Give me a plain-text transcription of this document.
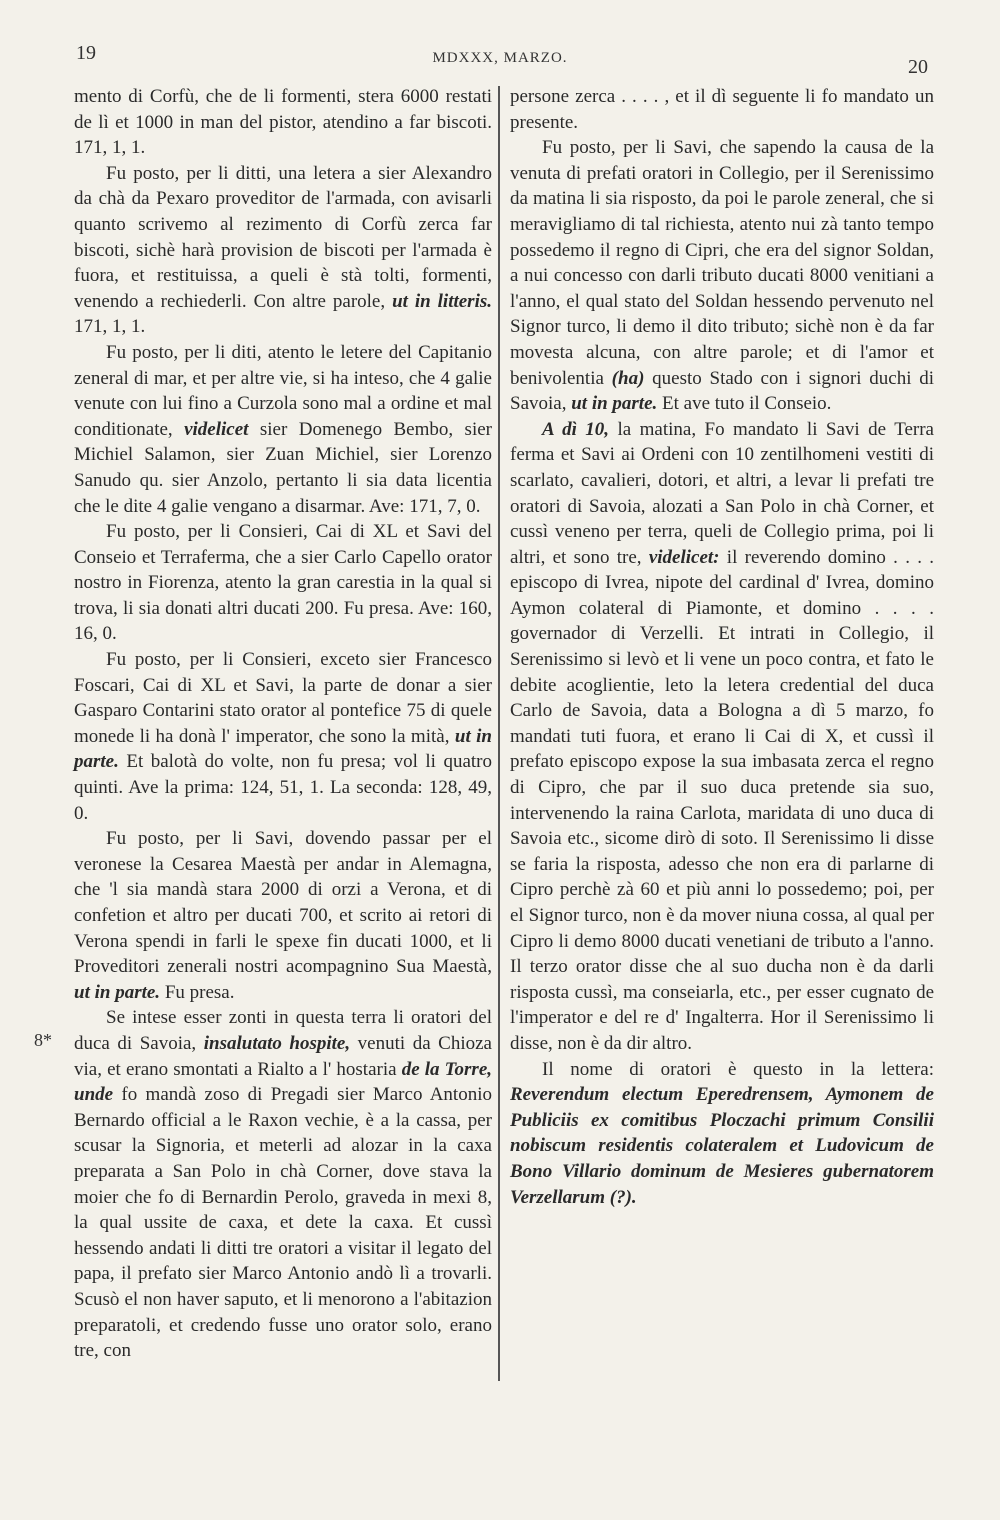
19	MDXXX, MARZO.	20
8*

mento di Corfù, che de li formenti, stera 6000 restati de lì et 1000 in man del pistor, atendino a far biscoti. 171, 1, 1.

Fu posto, per li ditti, una letera a sier Alexandro da chà da Pexaro proveditor de l'armada, con avisarli quanto scrivemo al rezimento di Corfù zerca far biscoti, sichè harà provision de biscoti per l'armada è fuora, et restituissa, a queli è stà tolti, formenti, venendo a rechiederli. Con altre parole, ut in litteris. 171, 1, 1.

Fu posto, per li diti, atento le letere del Capitanio zeneral di mar, et per altre vie, si ha inteso, che 4 galie venute con lui fino a Curzola sono mal a ordine et mal conditionate, videlicet sier Domenego Bembo, sier Michiel Salamon, sier Zuan Michiel, sier Lorenzo Sanudo qu. sier Anzolo, pertanto li sia data licentia che le dite 4 galie vengano a disarmar. Ave: 171, 7, 0.

Fu posto, per li Consieri, Cai di XL et Savi del Conseio et Terraferma, che a sier Carlo Capello orator nostro in Fiorenza, atento la gran carestia in la qual si trova, li sia donati altri ducati 200. Fu presa. Ave: 160, 16, 0.

Fu posto, per li Consieri, exceto sier Francesco Foscari, Cai di XL et Savi, la parte de donar a sier Gasparo Contarini stato orator al pontefice 75 di quele monede li ha donà l' imperator, che sono la mità, ut in parte. Et balotà do volte, non fu presa; vol li quatro quinti. Ave la prima: 124, 51, 1. La seconda: 128, 49, 0.

Fu posto, per li Savi, dovendo passar per el veronese la Cesarea Maestà per andar in Alemagna, che 'l sia mandà stara 2000 di orzi a Verona, et di confetion et altro per ducati 700, et scrito ai retori di Verona spendi in farli le spexe fin ducati 1000, et li Proveditori zenerali nostri acompagnino Sua Maestà, ut in parte. Fu presa.

Se intese esser zonti in questa terra li oratori del duca di Savoia, insalutato hospite, venuti da Chioza via, et erano smontati a Rialto a l' hostaria de la Torre, unde fo mandà zoso di Pregadi sier Marco Antonio Bernardo official a le Raxon vechie, è a la cassa, per scusar la Signoria, et meterli ad alozar in la caxa preparata a San Polo in chà Corner, dove stava la moier che fo di Bernardin Perolo, graveda in mexi 8, la qual ussite de caxa, et dete la caxa. Et cussì hessendo andati li ditti tre oratori a visitar il legato del papa, il prefato sier Marco Antonio andò lì a trovarli. Scusò el non haver saputo, et li menorono a l'abitazion preparatoli, et credendo fusse uno orator solo, erano tre, con

persone zerca . . . . , et il dì seguente li fo mandato un presente.

Fu posto, per li Savi, che sapendo la causa de la venuta di prefati oratori in Collegio, per il Serenissimo da matina li sia risposto, da poi le parole zeneral, che si meravigliamo di tal richiesta, atento nui zà tanto tempo possedemo il regno di Cipri, che era del signor Soldan, a nui concesso con darli tributo ducati 8000 venitiani a l'anno, el qual stato del Soldan hessendo pervenuto nel Signor turco, li demo il dito tributo; sichè non è da far movesta alcuna, con altre parole; et di l'amor et benivolentia (ha) questo Stado con i signori duchi di Savoia, ut in parte. Et ave tuto il Conseio.

A dì 10, la matina, Fo mandato li Savi de Terra ferma et Savi ai Ordeni con 10 zentilhomeni vestiti di scarlato, cavalieri, dotori, et altri, a levar li prefati tre oratori di Savoia, alozati a San Polo in chà Corner, et cussì veneno per terra, queli de Collegio prima, poi li altri, et sono tre, videlicet: il reverendo domino . . . . episcopo di Ivrea, nipote del cardinal d' Ivrea, domino Aymon colateral di Piamonte, et domino . . . . governador di Verzelli. Et intrati in Collegio, il Serenissimo si levò et li vene un poco contra, et fato le debite acoglientie, leto la letera credential del duca Carlo de Savoia, data a Bologna a dì 5 marzo, fo mandati tuti fuora, et erano li Cai di X, et cussì il prefato episcopo expose la sua imbasata zerca el regno di Cipro, che par il suo duca pretende sia suo, intervenendo la raina Carlota, maridata di uno duca di Savoia etc., sicome dirò di soto. Il Serenissimo li disse se faria la risposta, adesso che non era di parlarne di Cipro perchè zà 60 et più anni lo possedemo; poi, per el Signor turco, non è da mover niuna cossa, al qual per Cipro li demo 8000 ducati venetiani de tributo a l'anno. Il terzo orator disse che al suo ducha non è da darli risposta cussì, ma conseiarla, etc., per esser cugnato de l'imperator e del re d' Ingalterra. Hor il Serenissimo li disse, non è da dir altro.

Il nome di oratori è questo in la lettera: Reverendum electum Eperedrensem, Aymonem de Publiciis ex comitibus Ploczachi primum Consilii nobiscum residentis colateralem et Ludovicum de Bono Villario dominum de Mesieres gubernatorem Verzellarum (?).
